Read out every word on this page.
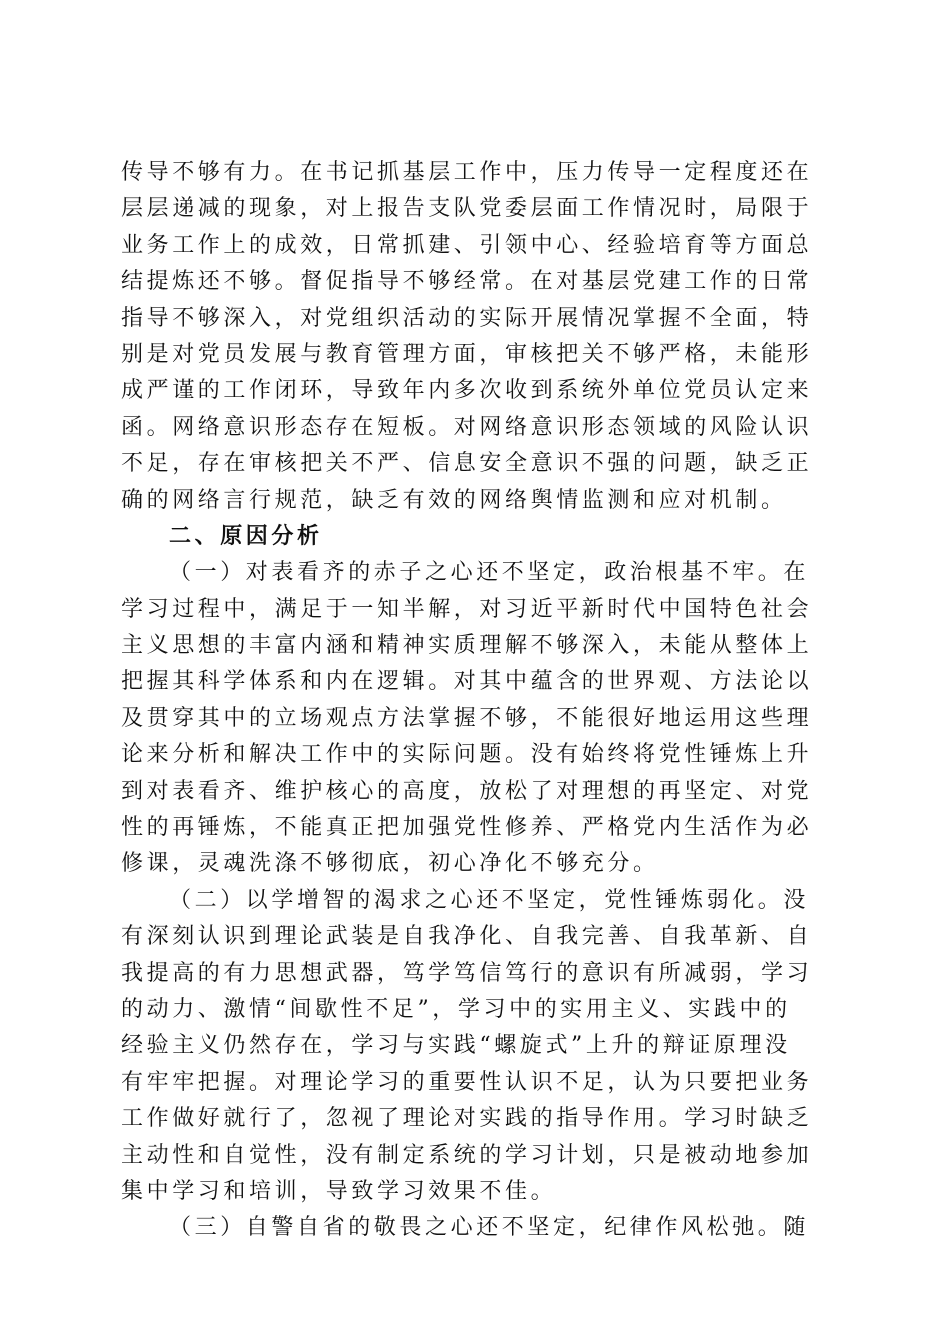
传导不够有力。在书记抓基层工作中，压力传导一定程度还在
层层递减的现象，对上报告支队党委层面工作情况时，局限于
业务工作上的成效，日常抓建、引领中心、经验培育等方面总
结提炼还不够。督促指导不够经常。在对基层党建工作的日常
指导不够深入，对党组织活动的实际开展情况掌握不全面，特
别是对党员发展与教育管理方面，审核把关不够严格，未能形
成严谨的工作闭环，导致年内多次收到系统外单位党员认定来
函。网络意识形态存在短板。对网络意识形态领域的风险认识
不足，存在审核把关不严、信息安全意识不强的问题，缺乏正
确的网络言行规范，缺乏有效的网络舆情监测和应对机制。
二、原因分析
（一）对表看齐的赤子之心还不坚定，政治根基不牢。在
学习过程中，满足于一知半解，对习近平新时代中国特色社会
主义思想的丰富内涵和精神实质理解不够深入，未能从整体上
把握其科学体系和内在逻辑。对其中蕴含的世界观、方法论以
及贯穿其中的立场观点方法掌握不够，不能很好地运用这些理
论来分析和解决工作中的实际问题。没有始终将党性锤炼上升
到对表看齐、维护核心的高度，放松了对理想的再坚定、对党
性的再锤炼，不能真正把加强党性修养、严格党内生活作为必
修课，灵魂洗涤不够彻底，初心净化不够充分。
（二）以学增智的渴求之心还不坚定，党性锤炼弱化。没
有深刻认识到理论武装是自我净化、自我完善、自我革新、自
我提高的有力思想武器，笃学笃信笃行的意识有所减弱，学习
的动力、激情“间歇性不足”，学习中的实用主义、实践中的
经验主义仍然存在，学习与实践“螺旋式”上升的辩证原理没
有牢牢把握。对理论学习的重要性认识不足，认为只要把业务
工作做好就行了，忽视了理论对实践的指导作用。学习时缺乏
主动性和自觉性，没有制定系统的学习计划，只是被动地参加
集中学习和培训，导致学习效果不佳。
（三）自警自省的敬畏之心还不坚定，纪律作风松弛。随
